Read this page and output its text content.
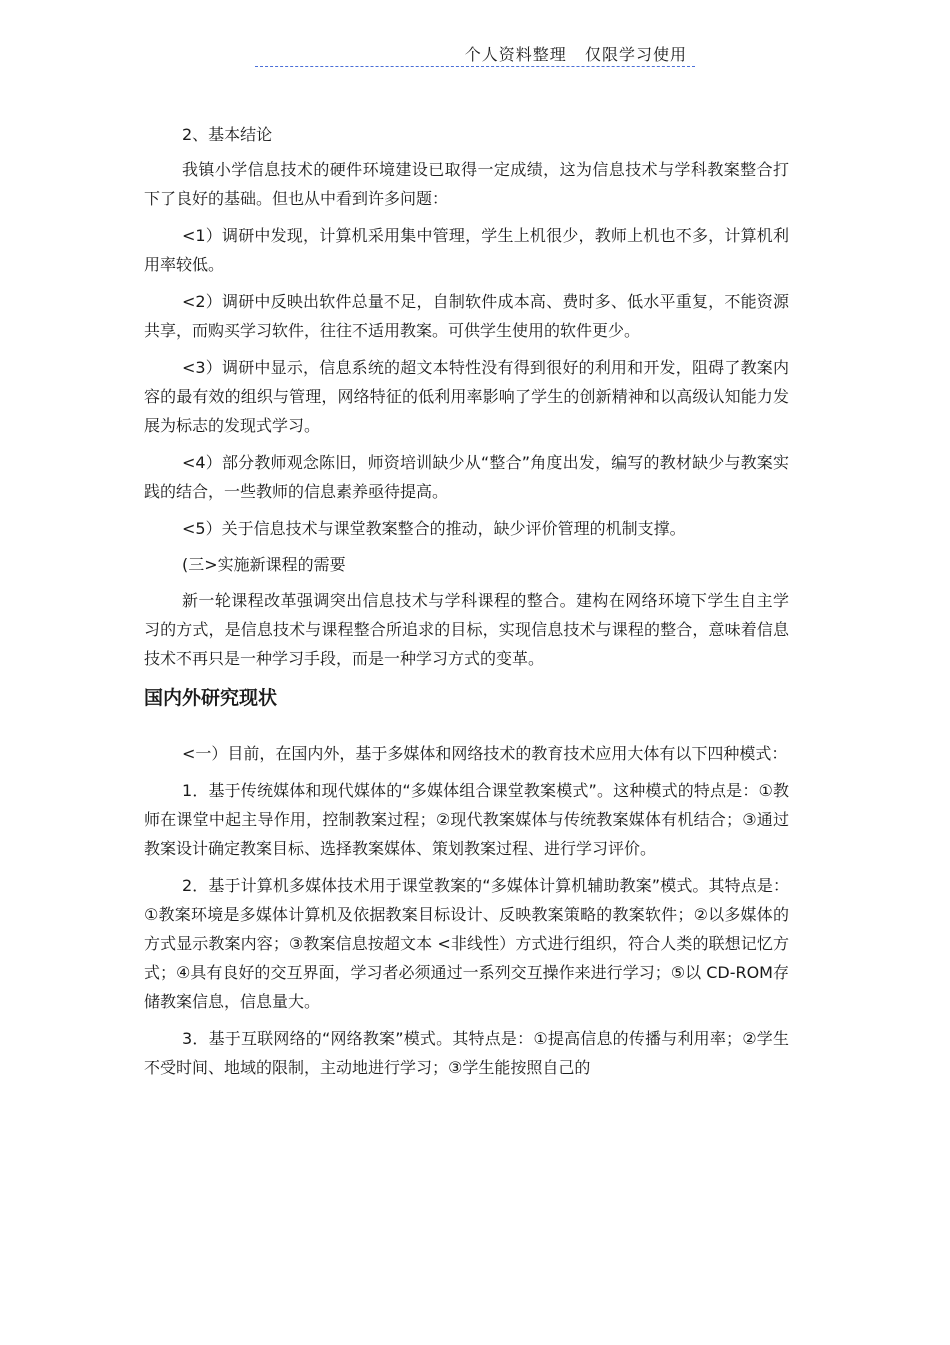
个人资料整理   仅限学习使用

2、基本结论

我镇小学信息技术的硬件环境建设已取得一定成绩，这为信息技术与学科教案整合打下了良好的基础。但也从中看到许多问题：

<1）调研中发现，计算机采用集中管理，学生上机很少，教师上机也不多，计算机利用率较低。

<2）调研中反映出软件总量不足，自制软件成本高、费时多、低水平重复，不能资源共享，而购买学习软件，往往不适用教案。可供学生使用的软件更少。

<3）调研中显示，信息系统的超文本特性没有得到很好的利用和开发，阻碍了教案内容的最有效的组织与管理，网络特征的低利用率影响了学生的创新精神和以高级认知能力发展为标志的发现式学习。

<4）部分教师观念陈旧，师资培训缺少从“整合”角度出发，编写的教材缺少与教案实践的结合，一些教师的信息素养亟待提高。

<5）关于信息技术与课堂教案整合的推动，缺少评价管理的机制支撑。

(三>实施新课程的需要

新一轮课程改革强调突出信息技术与学科课程的整合。建构在网络环境下学生自主学习的方式，是信息技术与课程整合所追求的目标，实现信息技术与课程的整合，意味着信息技术不再只是一种学习手段，而是一种学习方式的变革。

国内外研究现状

<一）目前，在国内外，基于多媒体和网络技术的教育技术应用大体有以下四种模式：

1．基于传统媒体和现代媒体的“多媒体组合课堂教案模式”。这种模式的特点是：①教师在课堂中起主导作用，控制教案过程；②现代教案媒体与传统教案媒体有机结合；③通过教案设计确定教案目标、选择教案媒体、策划教案过程、进行学习评价。

2．基于计算机多媒体技术用于课堂教案的“多媒体计算机辅助教案”模式。其特点是：①教案环境是多媒体计算机及依据教案目标设计、反映教案策略的教案软件；②以多媒体的方式显示教案内容；③教案信息按超文本 <非线性）方式进行组织，符合人类的联想记忆方式；④具有良好的交互界面，学习者必须通过一系列交互操作来进行学习；⑤以 CD-ROM存储教案信息，信息量大。

3．基于互联网络的“网络教案”模式。其特点是：①提高信息的传播与利用率；②学生不受时间、地域的限制，主动地进行学习；③学生能按照自己的
